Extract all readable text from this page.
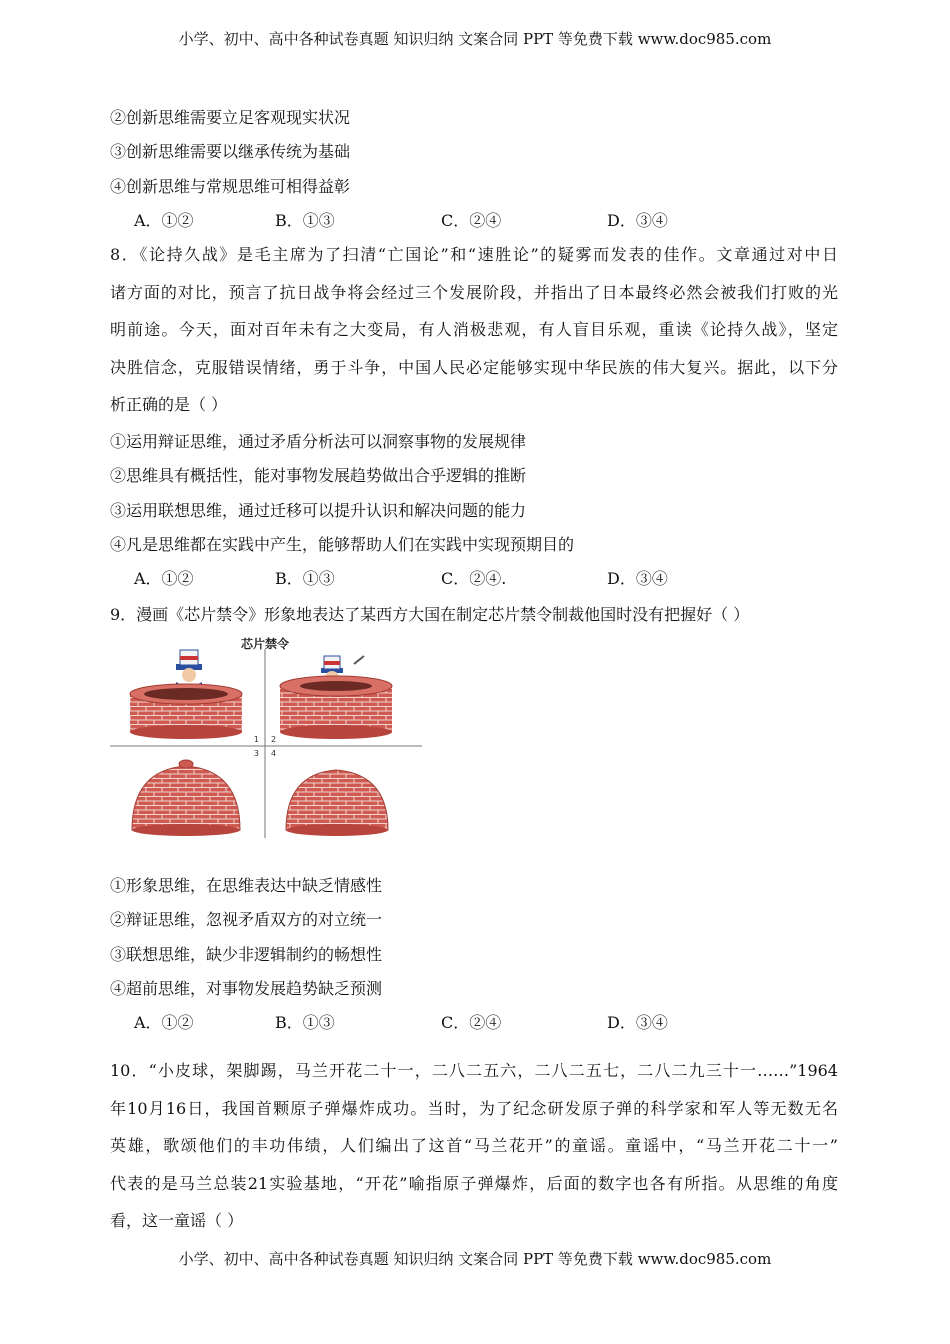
小学、初中、高中各种试卷真题 知识归纳 文案合同 PPT 等免费下载 www.doc985.com
②创新思维需要立足客观现实状况
③创新思维需要以继承传统为基础
④创新思维与常规思维可相得益彰
A．①②	B．①③	C．②④	D．③④
8．《论持久战》是毛主席为了扫清“亡国论”和“速胜论”的疑雾而发表的佳作。文章通过对中日
诸方面的对比，预言了抗日战争将会经过三个发展阶段，并指出了日本最终必然会被我们打败的光
明前途。今天，面对百年未有之大变局，有人消极悲观，有人盲目乐观，重读《论持久战》，坚定
决胜信念，克服错误情绪，勇于斗争，中国人民必定能够实现中华民族的伟大复兴。据此，以下分
析正确的是（ ）
①运用辩证思维，通过矛盾分析法可以洞察事物的发展规律
②思维具有概括性，能对事物发展趋势做出合乎逻辑的推断
③运用联想思维，通过迁移可以提升认识和解决问题的能力
④凡是思维都在实践中产生，能够帮助人们在实践中实现预期目的
A．①②	B．①③	C．②④.	D．③④
9．漫画《芯片禁令》形象地表达了某西方大国在制定芯片禁令制裁他国时没有把握好（ ）
芯片禁令
1 2
3 4
①形象思维，在思维表达中缺乏情感性
②辩证思维，忽视矛盾双方的对立统一
③联想思维，缺少非逻辑制约的畅想性
④超前思维，对事物发展趋势缺乏预测
A．①②	B．①③	C．②④	D．③④
10．“小皮球，架脚踢，马兰开花二十一，二八二五六，二八二五七，二八二九三十一……”1964
年10月16日，我国首颗原子弹爆炸成功。当时，为了纪念研发原子弹的科学家和军人等无数无名
英雄，歌颂他们的丰功伟绩，人们编出了这首“马兰花开”的童谣。童谣中，“马兰开花二十一”
代表的是马兰总装21实验基地，“开花”喻指原子弹爆炸，后面的数字也各有所指。从思维的角度
看，这一童谣（ ）
小学、初中、高中各种试卷真题 知识归纳 文案合同 PPT 等免费下载 www.doc985.com
